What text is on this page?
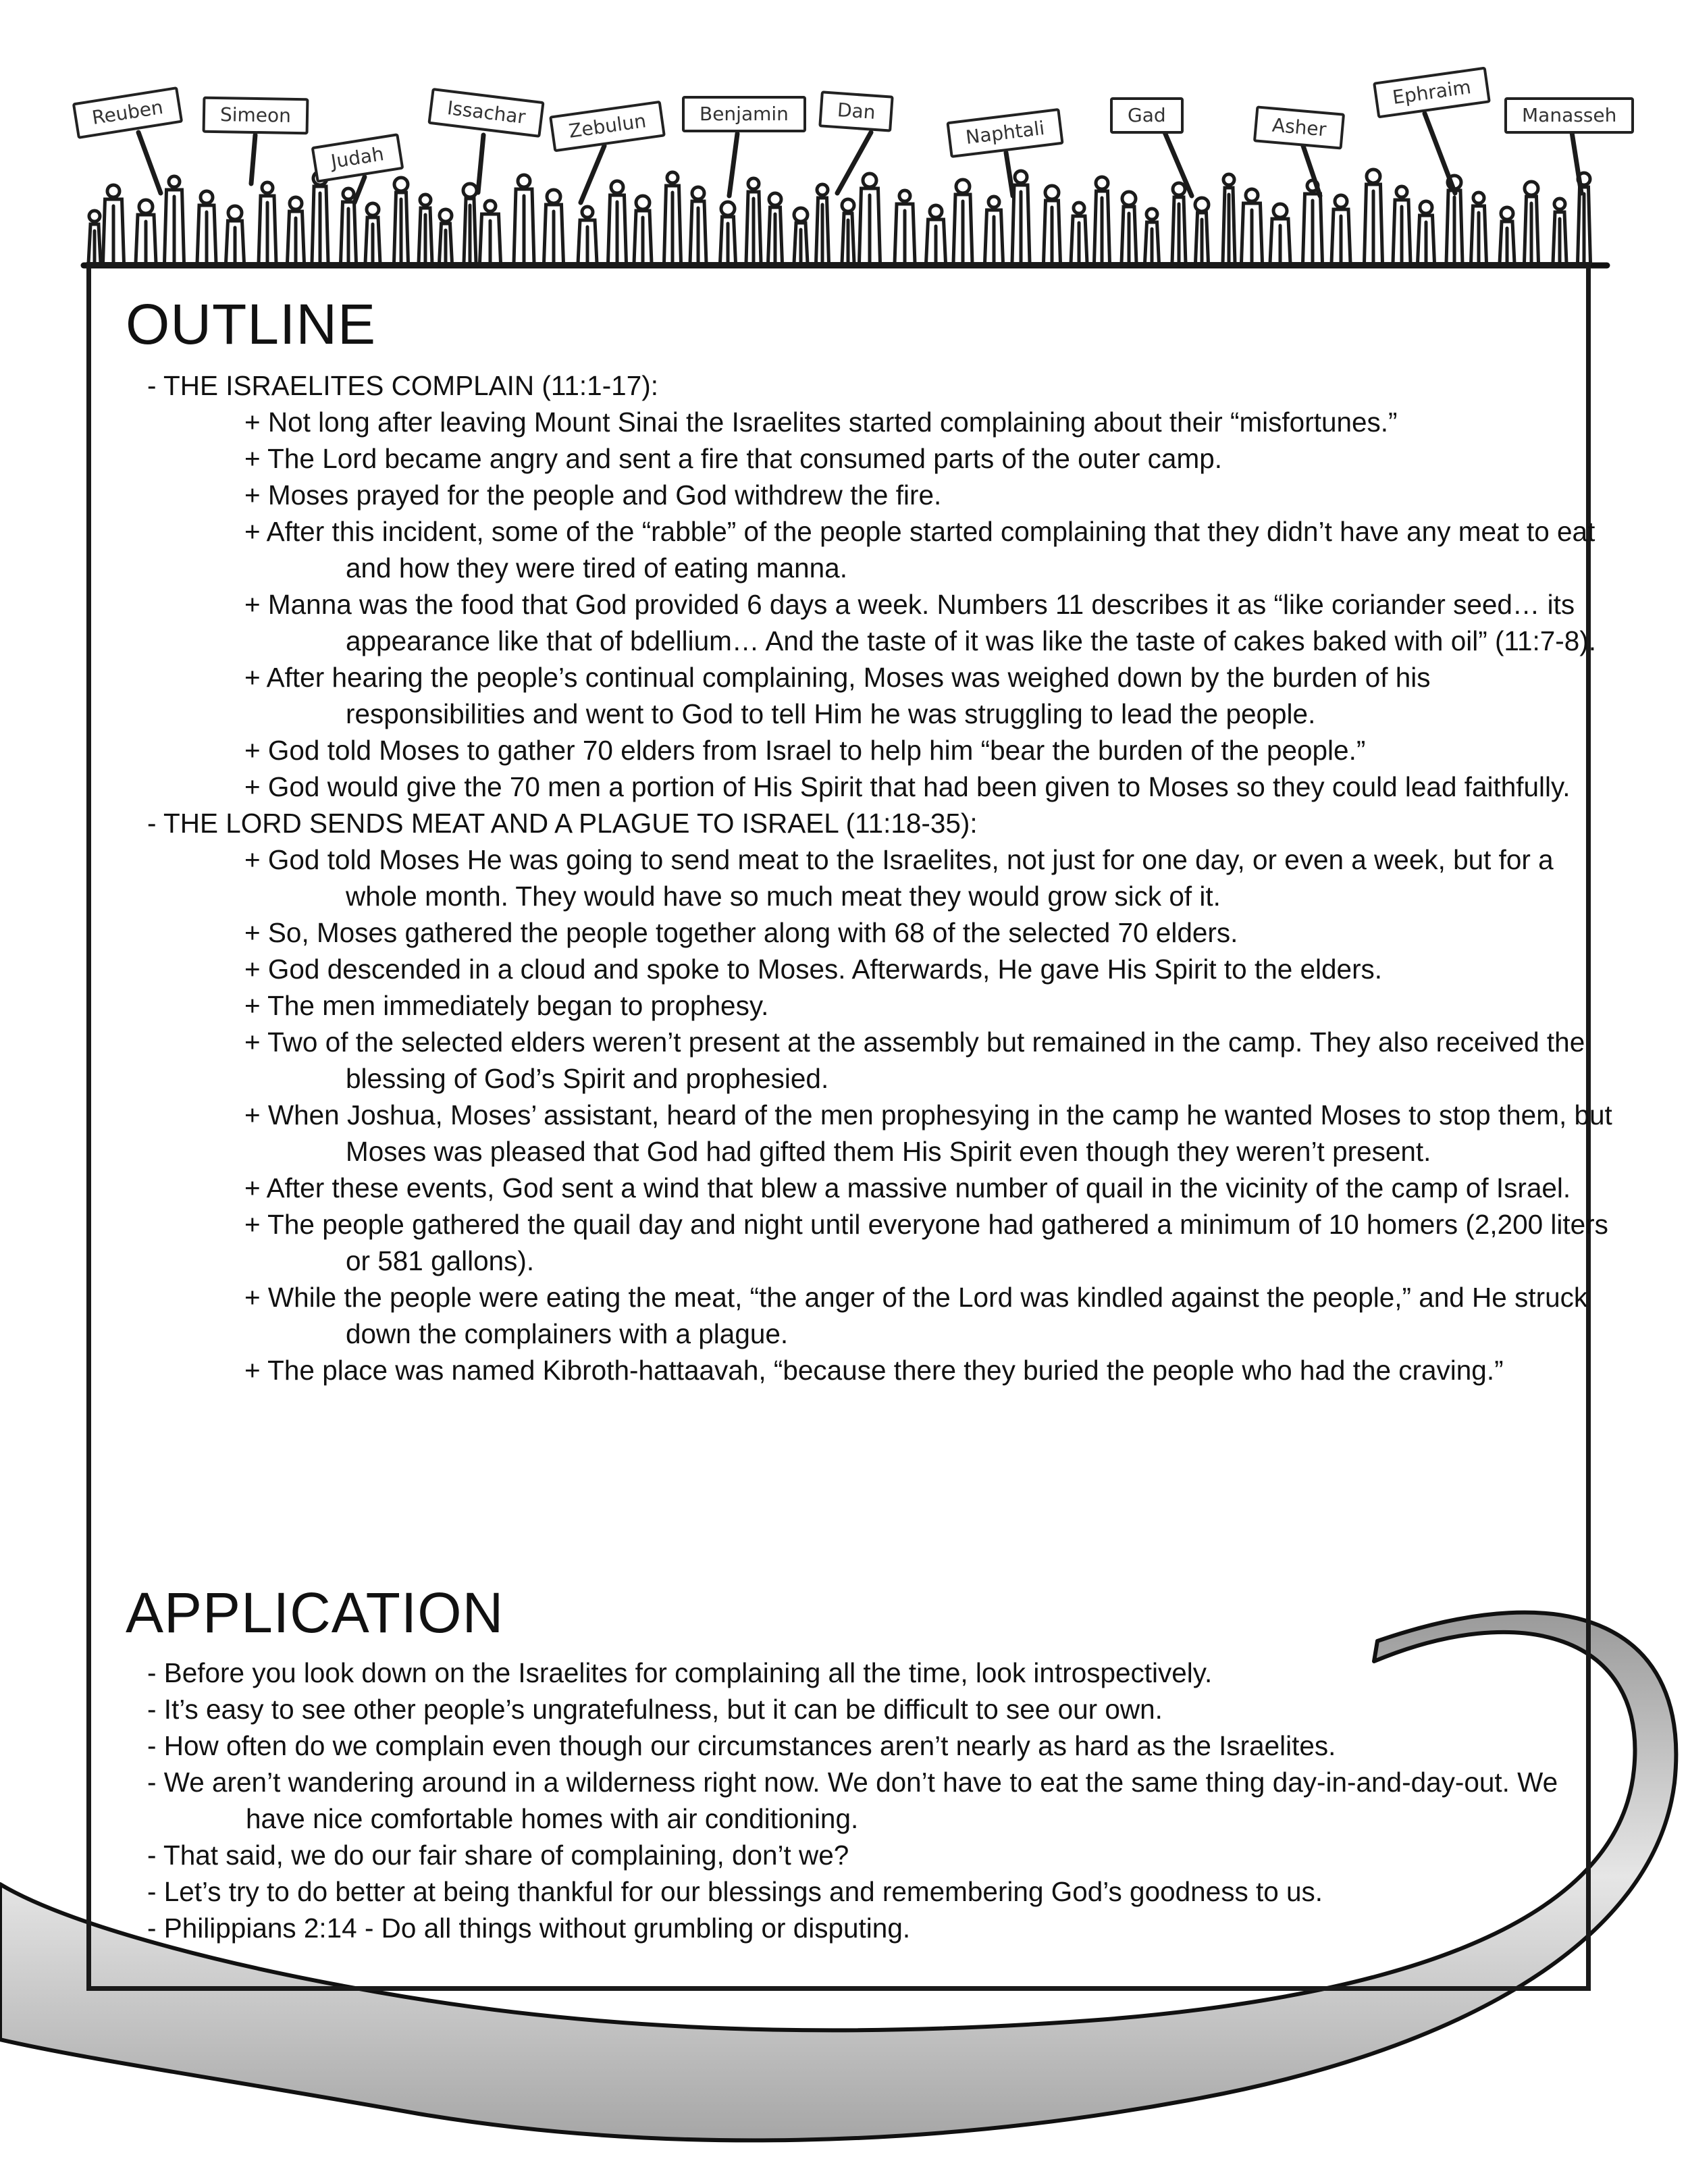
Reuben	Simeon
Judah
Issachar	Zebulun	Benjamin	Dan
Naphtali
Gad	Asher
Ephraim
Manasseh
OUTLINE

- THE ISRAELITES COMPLAIN (11:1-17):

+ Not long after leaving Mount Sinai the Israelites started complaining about their “misfortunes.”

+ The Lord became angry and sent a fire that consumed parts of the outer camp.

+ Moses prayed for the people and God withdrew the fire.

+ After this incident, some of the “rabble” of the people started complaining that they didn’t have any meat to eat and how they were tired of eating manna.

+ Manna was the food that God provided 6 days a week. Numbers 11 describes it as “like coriander seed… its appearance like that of bdellium… And the taste of it was like the taste of cakes baked with oil” (11:7-8).

+ After hearing the people’s continual complaining, Moses was weighed down by the burden of his responsibilities and went to God to tell Him he was struggling to lead the people.

+ God told Moses to gather 70 elders from Israel to help him “bear the burden of the people.”

+ God would give the 70 men a portion of His Spirit that had been given to Moses so they could lead faithfully.

- THE LORD SENDS MEAT AND A PLAGUE TO ISRAEL (11:18-35):

+ God told Moses He was going to send meat to the Israelites, not just for one day, or even a week, but for a whole month. They would have so much meat they would grow sick of it.

+ So, Moses gathered the people together along with 68 of the selected 70 elders.

+ God descended in a cloud and spoke to Moses. Afterwards, He gave His Spirit to the elders.

+ The men immediately began to prophesy.

+ Two of the selected elders weren’t present at the assembly but remained in the camp. They also received the blessing of God’s Spirit and prophesied.

+ When Joshua, Moses’ assistant, heard of the men prophesying in the camp he wanted Moses to stop them, but Moses was pleased that God had gifted them His Spirit even though they weren’t present.

+ After these events, God sent a wind that blew a massive number of quail in the vicinity of the camp of Israel.

+ The people gathered the quail day and night until everyone had gathered a minimum of 10 homers (2,200 liters or 581 gallons).

+ While the people were eating the meat, “the anger of the Lord was kindled against the people,” and He struck down the complainers with a plague.

+ The place was named Kibroth-hattaavah, “because there they buried the people who had the craving.”

APPLICATION

- Before you look down on the Israelites for complaining all the time, look introspectively.

- It’s easy to see other people’s ungratefulness, but it can be difficult to see our own.

- How often do we complain even though our circumstances aren’t nearly as hard as the Israelites.

- We aren’t wandering around in a wilderness right now. We don’t have to eat the same thing day-in-and-day-out. We have nice comfortable homes with air conditioning.

- That said, we do our fair share of complaining, don’t we?

- Let’s try to do better at being thankful for our blessings and remembering God’s goodness to us.

- Philippians 2:14 - Do all things without grumbling or disputing.
